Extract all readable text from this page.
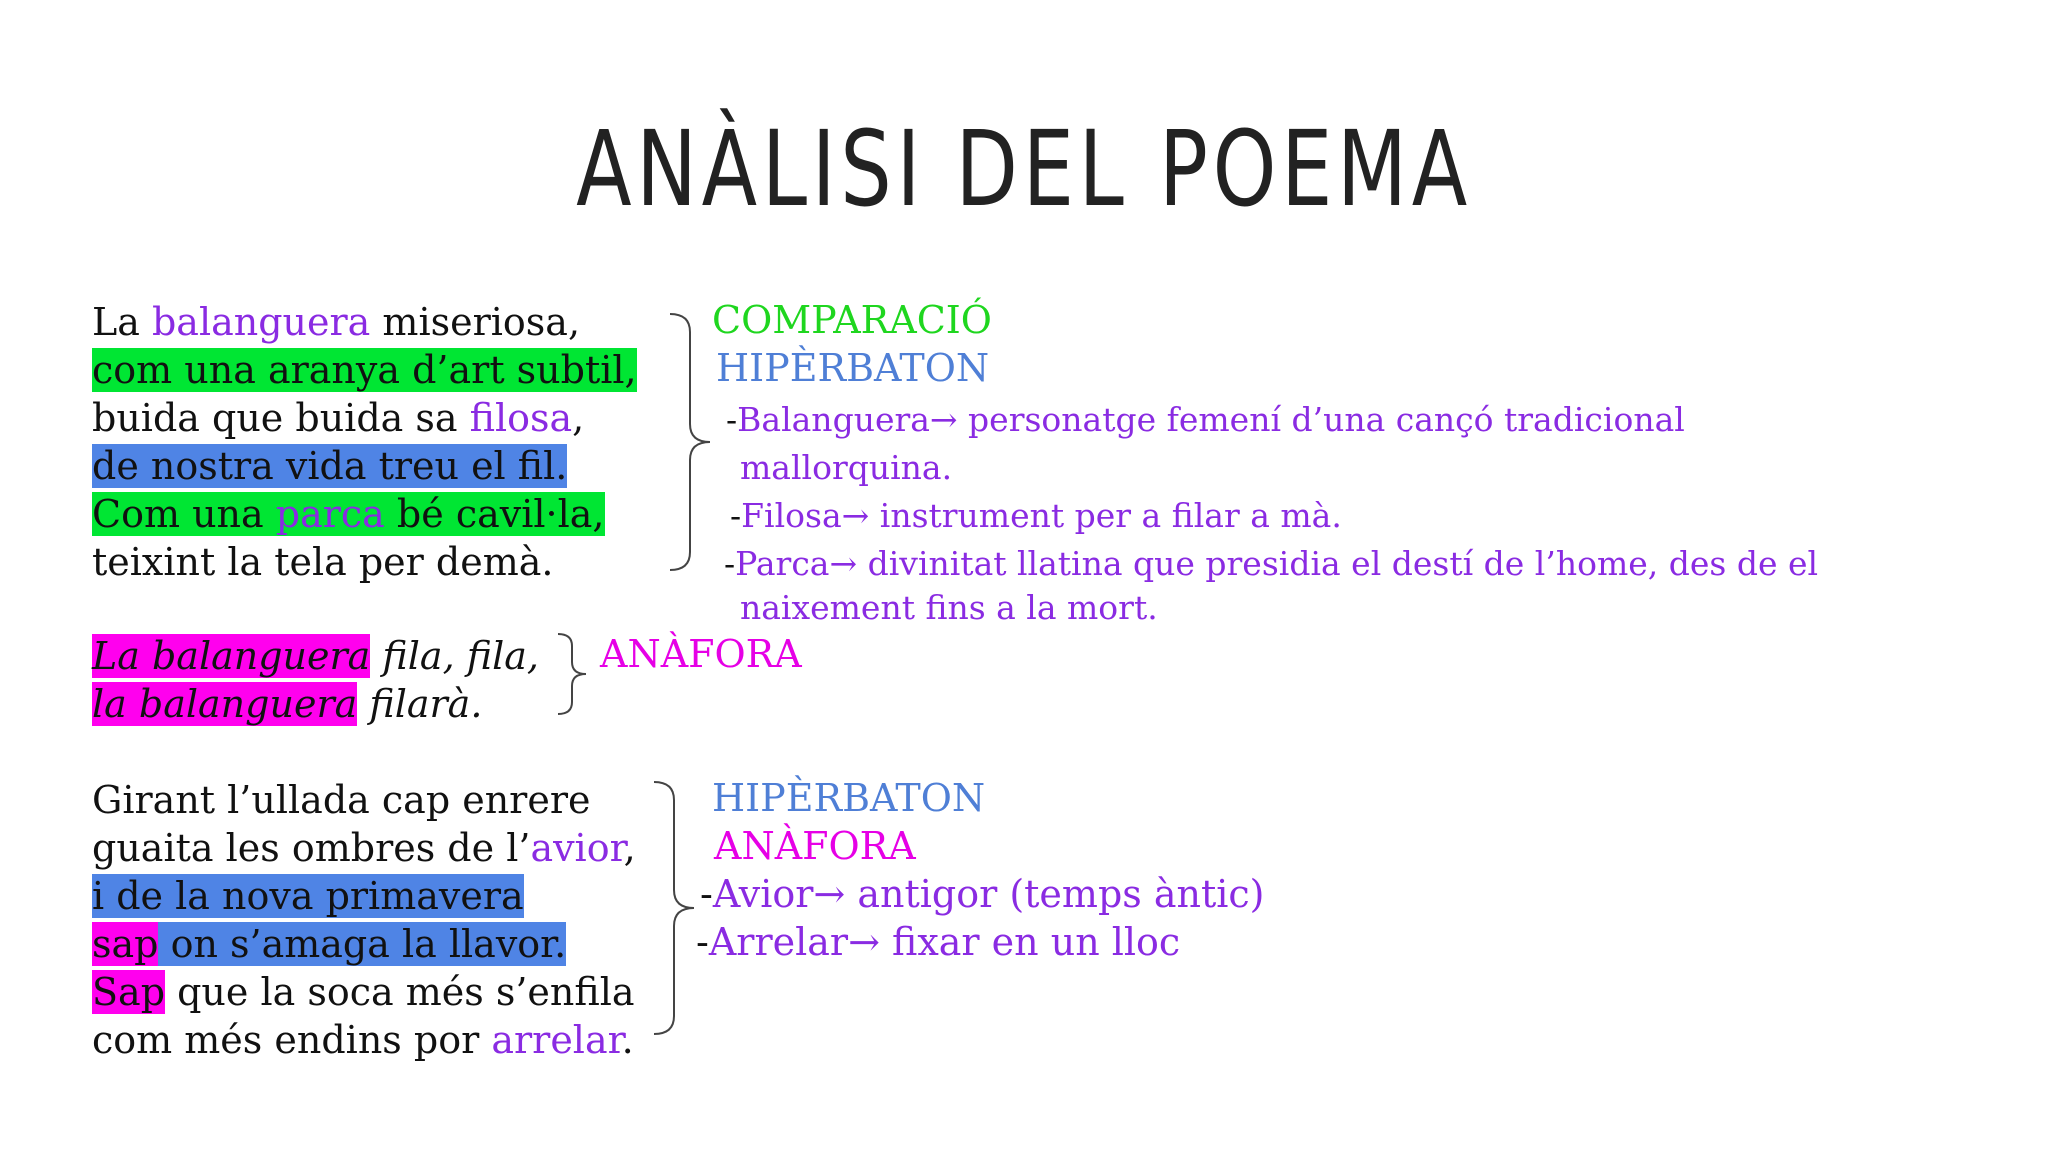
ANÀLISI DEL POEMA
La balanguera miseriosa,
com una aranya d’art subtil,
buida que buida sa filosa,
de nostra vida treu el fil.
Com una parca bé cavil·la,
teixint la tela per demà.
COMPARACIÓ
HIPÈRBATON
-Balanguera→ personatge femení d’una cançó tradicional
mallorquina.
-Filosa→ instrument per a filar a mà.
-Parca→ divinitat llatina que presidia el destí de l’home, des de el
naixement fins a la mort.
La balanguera fila, fila,
la balanguera filarà.
ANÀFORA
Girant l’ullada cap enrere
guaita les ombres de l’avior,
i de la nova primavera
sap on s’amaga la llavor.
Sap que la soca més s’enfila
com més endins por arrelar.
HIPÈRBATON
ANÀFORA
-Avior→ antigor (temps àntic)
-Arrelar→ fixar en un lloc
